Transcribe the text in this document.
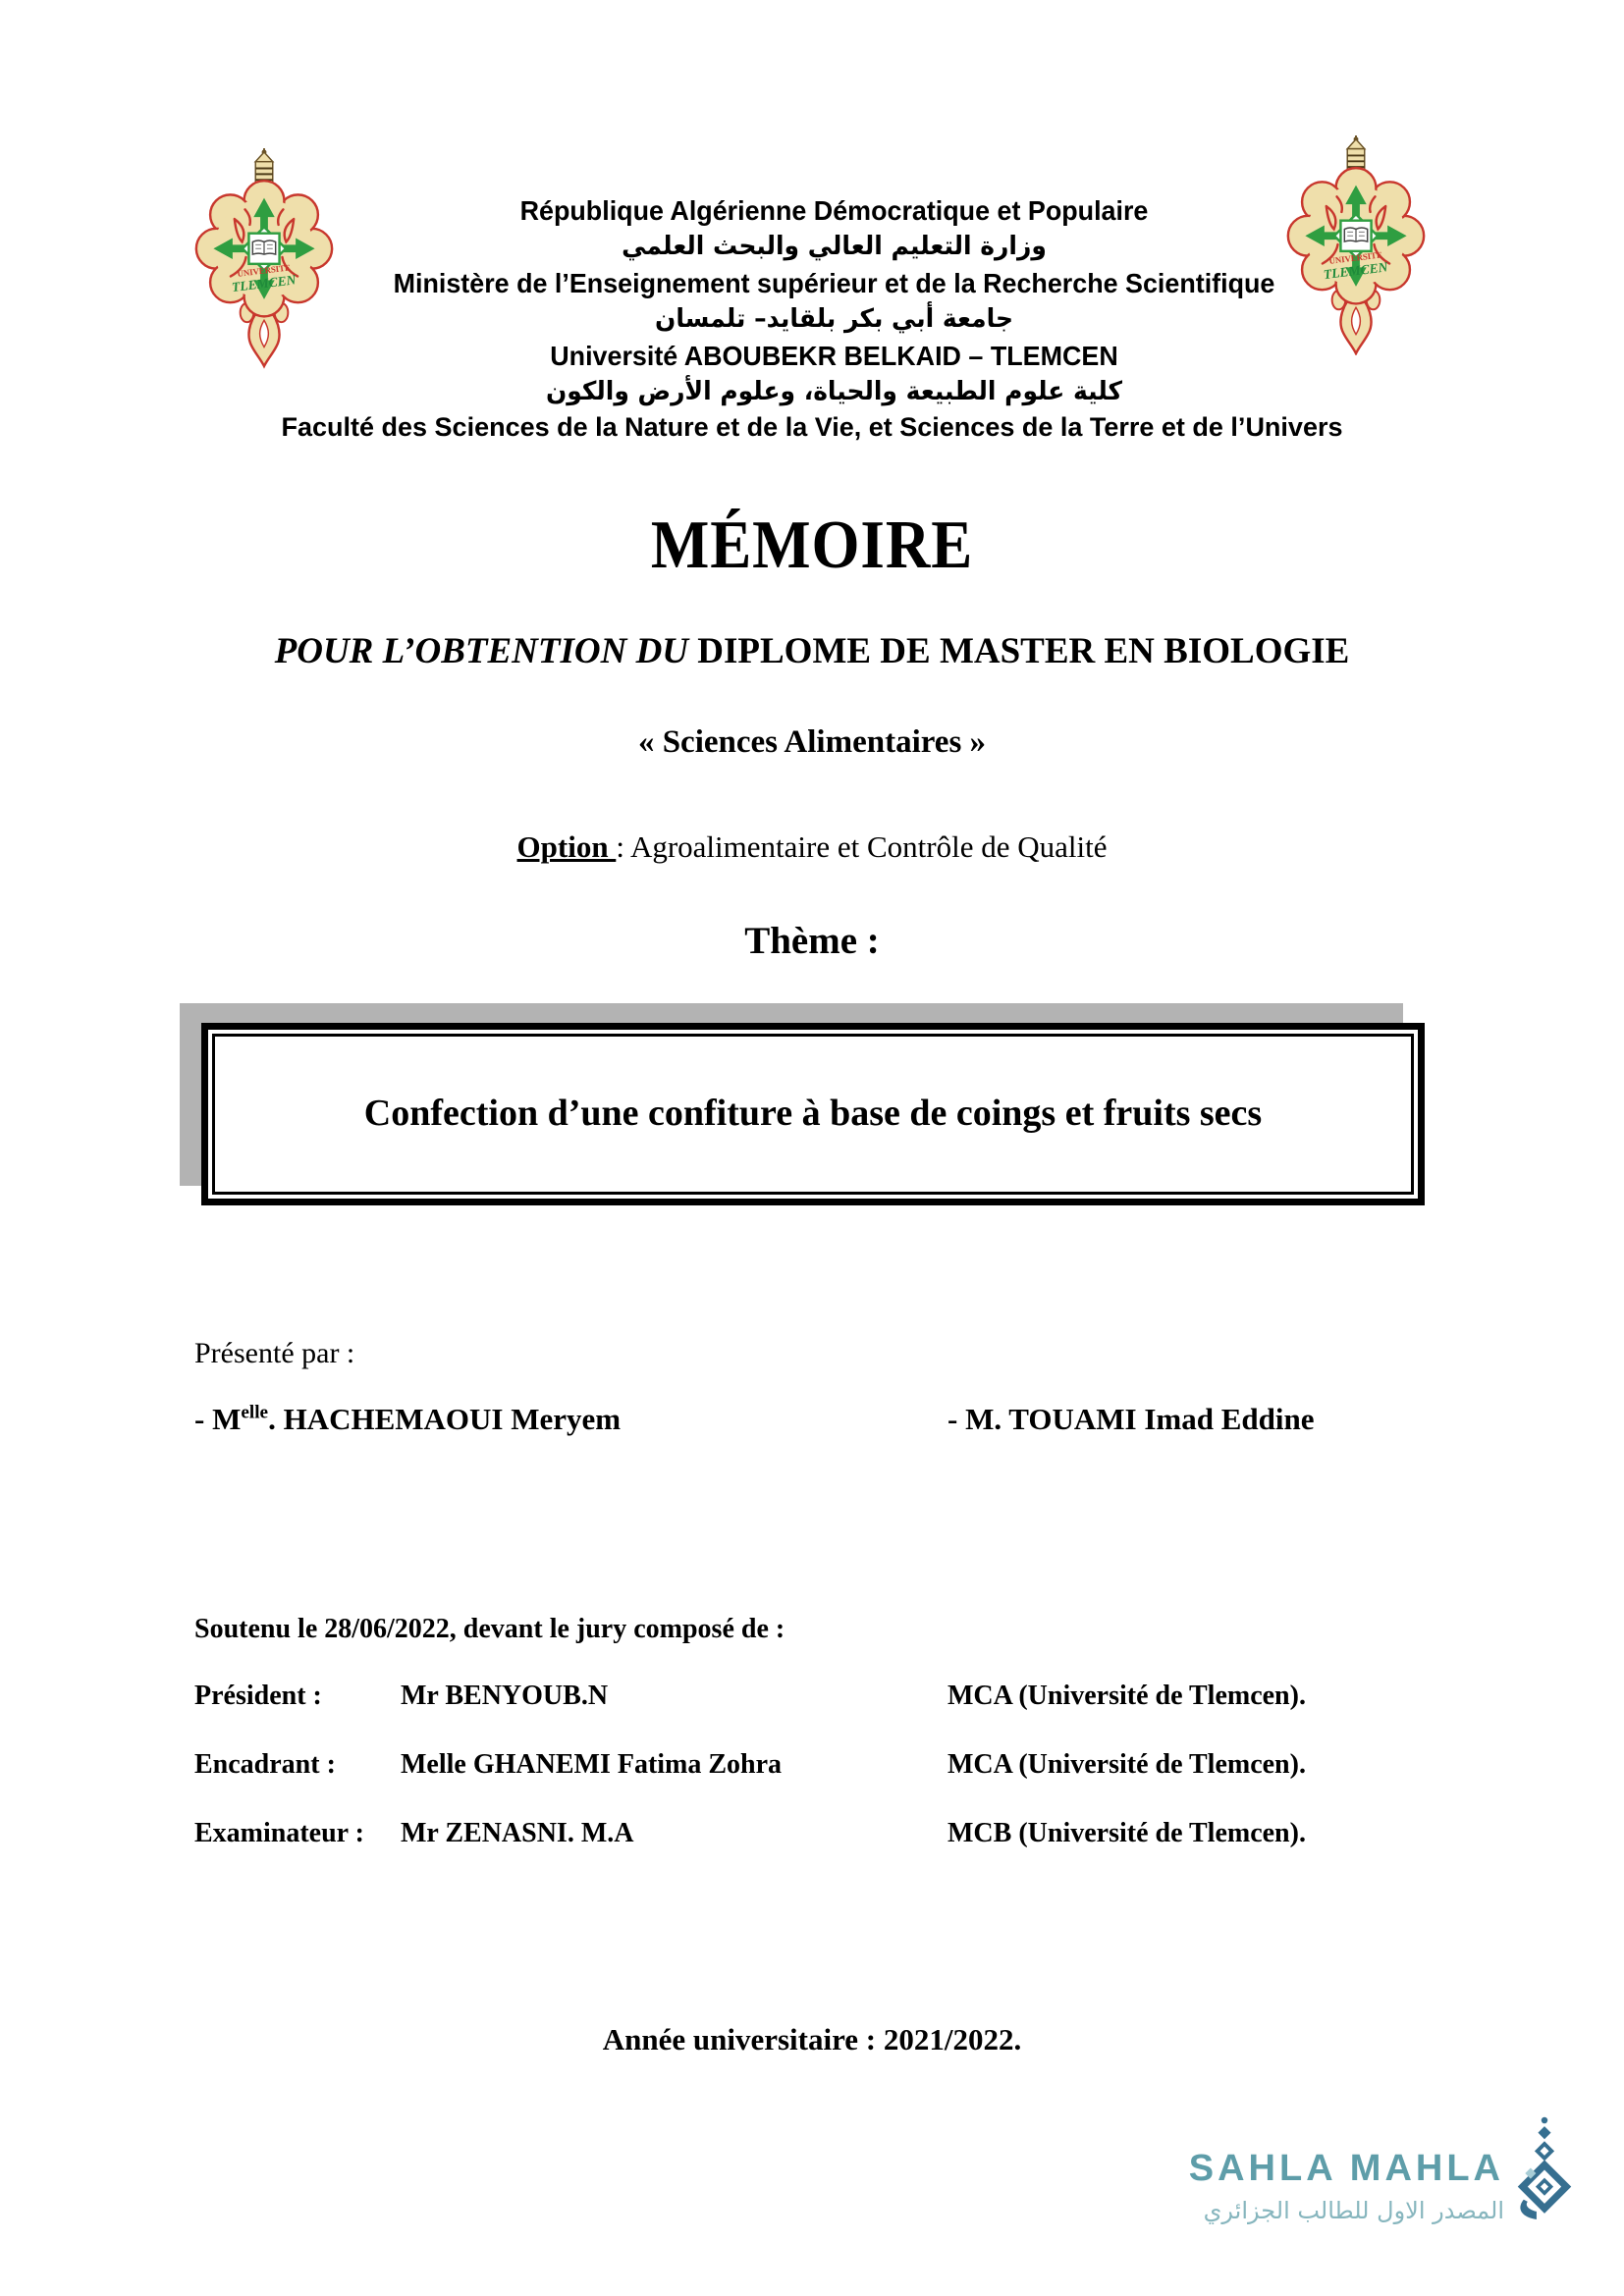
République Algérienne Démocratique et Populaire
وزارة التعليم العالي والبحث العلمي
Ministère de l’Enseignement supérieur et de la Recherche Scientifique
جامعة أبي بكر بلقايد– تلمسان
Université ABOUBEKR BELKAID – TLEMCEN
كلية علوم الطبيعة والحياة، وعلوم الأرض والكون
Faculté des Sciences de la Nature et de la Vie, et Sciences de la Terre et de l’Univers
MÉMOIRE
POUR L’OBTENTION DU DIPLOME DE MASTER EN BIOLOGIE
« Sciences Alimentaires »
Option : Agroalimentaire et Contrôle de Qualité
Thème :
Confection d’une confiture à base de coings et fruits secs
Présenté par :
- $M^{elle}$. HACHEMAOUI Meryem	- M. TOUAMI Imad Eddine
Soutenu le 28/06/2022, devant le jury composé de :
Président :	Mr BENYOUB.N	MCA (Université de Tlemcen).
Encadrant : Melle GHANEMI Fatima Zohra	MCA (Université de Tlemcen).
Examinateur : Mr ZENASNI. M.A	MCB (Université de Tlemcen).
Année universitaire : 2021/2022.
SAHLA MAHLA
المصدر الاول للطالب الجزائري
